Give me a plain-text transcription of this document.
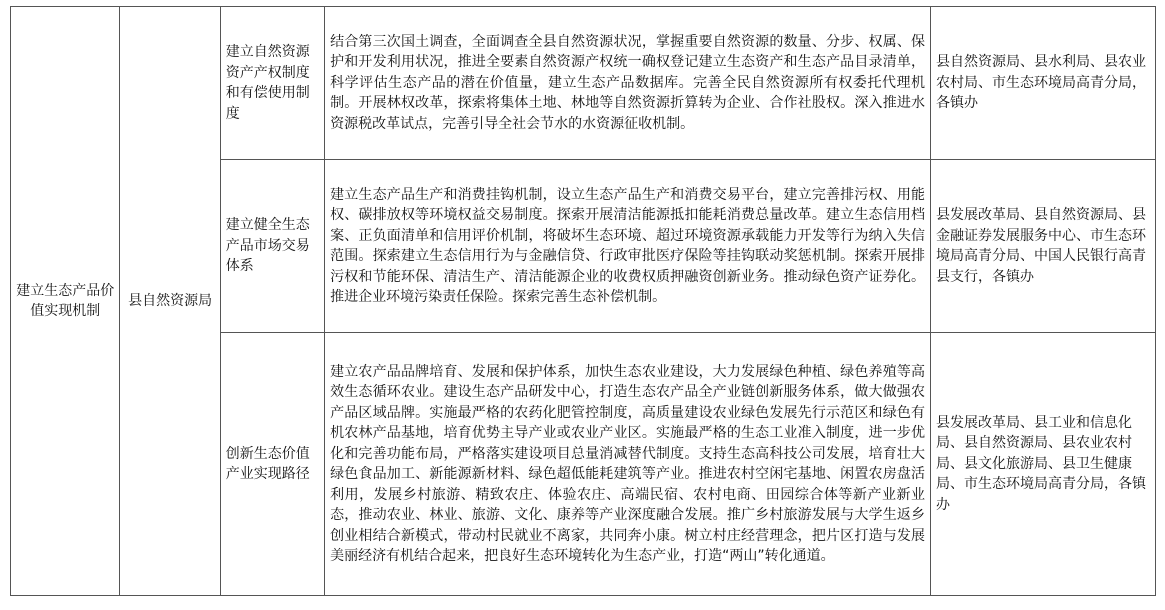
建立生态产品价值实现机制	县自然资源局	建立自然资源资产产权制度和有偿使用制度	结合第三次国土调查，全面调查全县自然资源状况，掌握重要自然资源的数量、分步、权属、保护和开发利用状况，推进全要素自然资源产权统一确权登记建立生态资产和生态产品目录清单，科学评估生态产品的潜在价值量，建立生态产品数据库。完善全民自然资源所有权委托代理机制。开展林权改革，探索将集体土地、林地等自然资源折算转为企业、合作社股权。深入推进水资源税改革试点，完善引导全社会节水的水资源征收机制。	县自然资源局、县水利局、县农业农村局、市生态环境局高青分局，各镇办
		建立健全生态产品市场交易体系	建立生态产品生产和消费挂钩机制，设立生态产品生产和消费交易平台，建立完善排污权、用能权、碳排放权等环境权益交易制度。探索开展清洁能源抵扣能耗消费总量改革。建立生态信用档案、正负面清单和信用评价机制，将破坏生态环境、超过环境资源承载能力开发等行为纳入失信范围。探索建立生态信用行为与金融信贷、行政审批医疗保险等挂钩联动奖惩机制。探索开展排污权和节能环保、清洁生产、清洁能源企业的收费权质押融资创新业务。推动绿色资产证券化。推进企业环境污染责任保险。探索完善生态补偿机制。	县发展改革局、县自然资源局、县金融证券发展服务中心、市生态环境局高青分局、中国人民银行高青县支行，各镇办
		创新生态价值产业实现路径	建立农产品品牌培育、发展和保护体系，加快生态农业建设，大力发展绿色种植、绿色养殖等高效生态循环农业。建设生态产品研发中心，打造生态农产品全产业链创新服务体系，做大做强农产品区域品牌。实施最严格的农药化肥管控制度，高质量建设农业绿色发展先行示范区和绿色有机农林产品基地，培育优势主导产业或农业产业区。实施最严格的生态工业准入制度，进一步优化和完善功能布局，严格落实建设项目总量消减替代制度。支持生态高科技公司发展，培育壮大绿色食品加工、新能源新材料、绿色超低能耗建筑等产业。推进农村空闲宅基地、闲置农房盘活利用，发展乡村旅游、精致农庄、体验农庄、高端民宿、农村电商、田园综合体等新产业新业态，推动农业、林业、旅游、文化、康养等产业深度融合发展。推广乡村旅游发展与大学生返乡创业相结合新模式，带动村民就业不离家，共同奔小康。树立村庄经营理念，把片区打造与发展美丽经济有机结合起来，把良好生态环境转化为生态产业，打造“两山”转化通道。	县发展改革局、县工业和信息化局、县自然资源局、县农业农村局、县文化旅游局、县卫生健康局、市生态环境局高青分局，各镇办
